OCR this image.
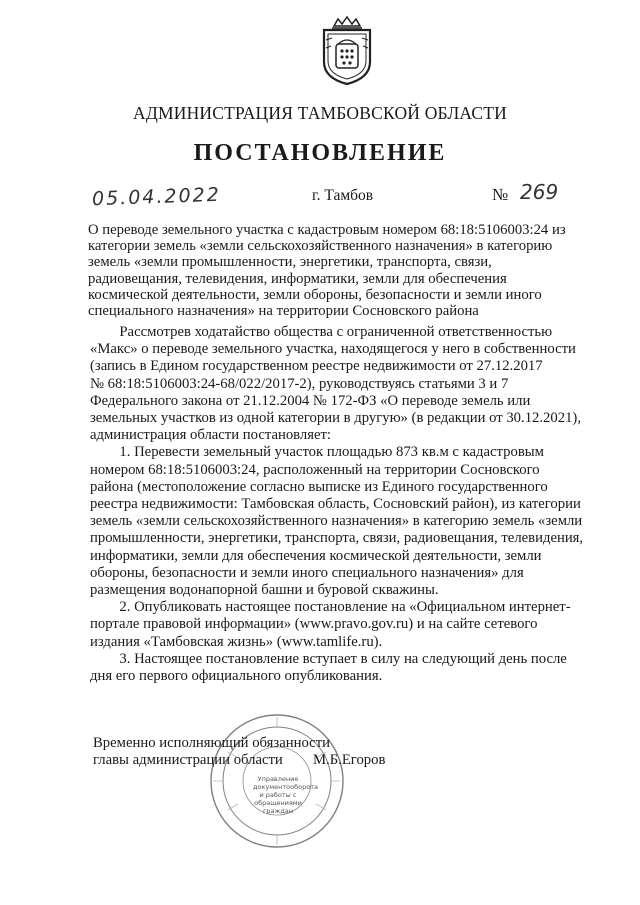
АДМИНИСТРАЦИЯ ТАМБОВСКОЙ ОБЛАСТИ
ПОСТАНОВЛЕНИЕ
05.04.2022	г. Тамбов	№ 269
О переводе земельного участка с кадастровым номером 68:18:5106003:24 из
категории земель «земли сельскохозяйственного назначения» в категорию
земель «земли промышленности, энергетики, транспорта, связи,
радиовещания, телевидения, информатики, земли для обеспечения
космической деятельности, земли обороны, безопасности и земли иного
специального назначения» на территории Сосновского района
Рассмотрев ходатайство общества с ограниченной ответственностью
«Макс» о переводе земельного участка, находящегося у него в собственности
(запись в Едином государственном реестре недвижимости от 27.12.2017
№ 68:18:5106003:24-68/022/2017-2), руководствуясь статьями 3 и 7
Федерального закона от 21.12.2004 № 172-ФЗ «О переводе земель или
земельных участков из одной категории в другую» (в редакции от 30.12.2021),
администрация области постановляет:
1. Перевести земельный участок площадью 873 кв.м с кадастровым
номером 68:18:5106003:24, расположенный на территории Сосновского
района (местоположение согласно выписке из Единого государственного
реестра недвижимости: Тамбовская область, Сосновский район), из категории
земель «земли сельскохозяйственного назначения» в категорию земель «земли
промышленности, энергетики, транспорта, связи, радиовещания, телевидения,
информатики, земли для обеспечения космической деятельности, земли
обороны, безопасности и земли иного специального назначения» для
размещения водонапорной башни и буровой скважины.
2. Опубликовать настоящее постановление на «Официальном интернет-
портале правовой информации» (www.pravo.gov.ru) и на сайте сетевого
издания «Тамбовская жизнь» (www.tamlife.ru).
3. Настоящее постановление вступает в силу на следующий день после
дня его первого официального опубликования.
Управление документооборота и работы с обращениями граждан
Временно исполняющий обязанности
главы администрации области М.Б.Егоров
